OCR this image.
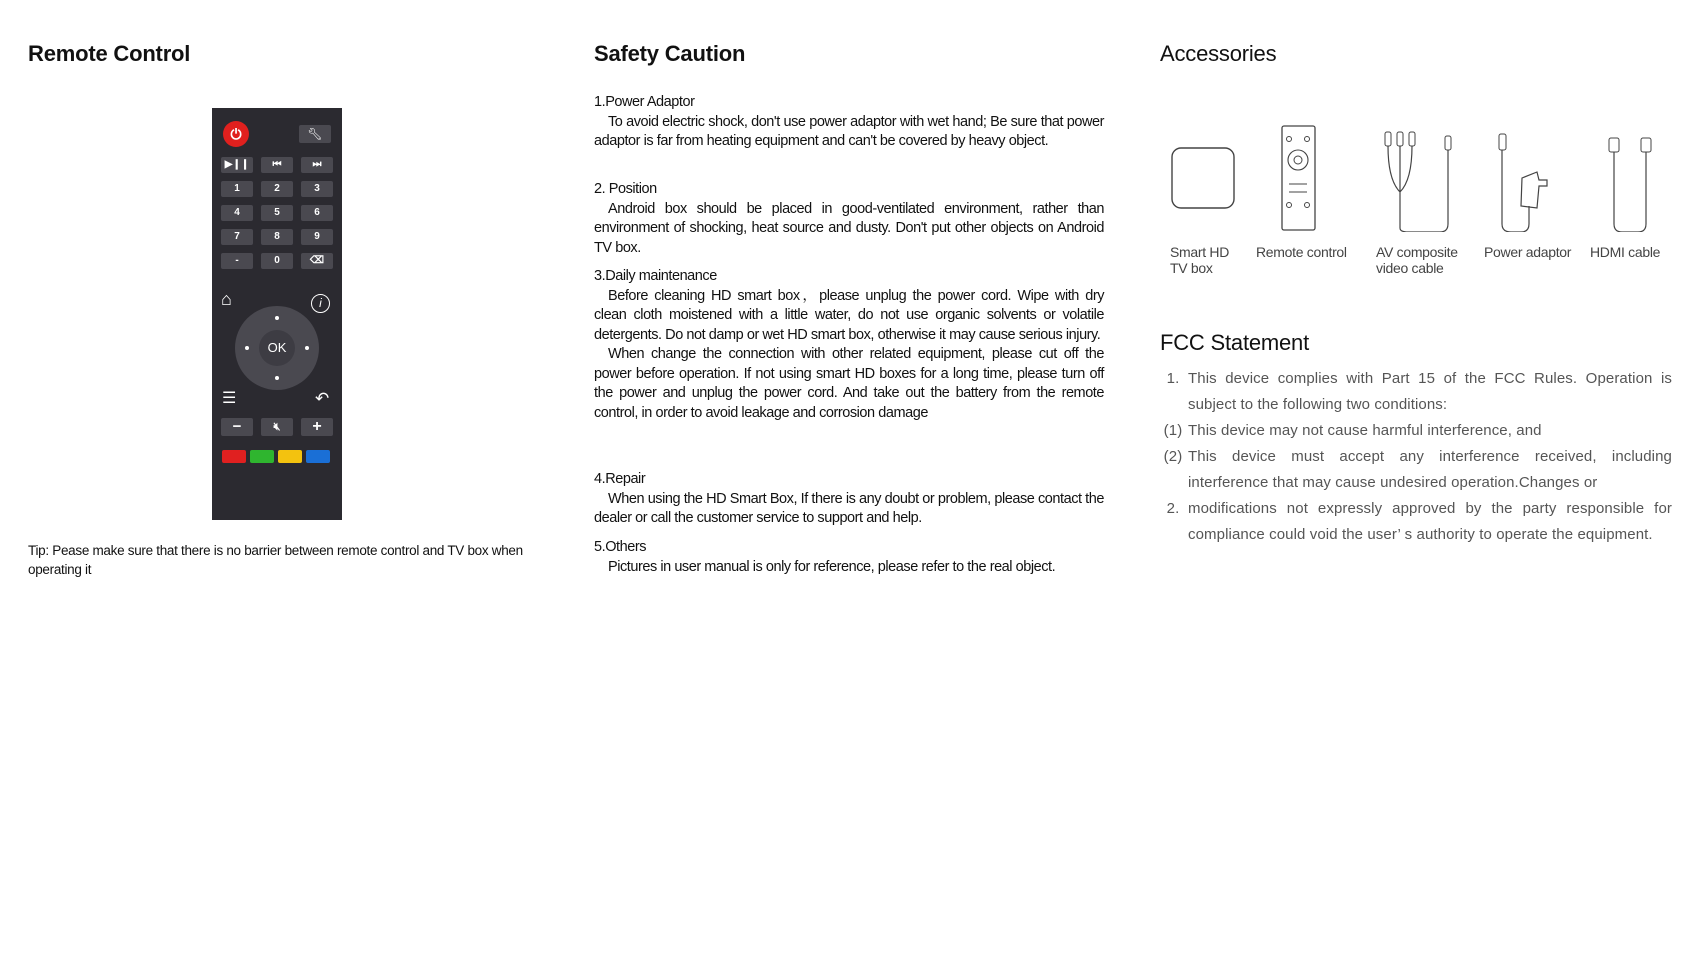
Remote Control
⏻	🔧︎
▶❙❙	⏮	⏭
1	2	3
4	5	6
7	8	9
-	0	⌫
⌂	i
OK
☰	↶
−	🔇︎	+
Tip: Pease make sure that there is no barrier between remote control and TV box when operating it
Safety Caution
1.Power Adaptor
To avoid electric shock, don't use power adaptor with wet hand; Be sure that power adaptor is far from heating equipment and can't be covered by heavy object.
2. Position
Android box should be placed in good-ventilated environment, rather than environment of shocking, heat source and dusty. Don't put other objects on Android TV box.
3.Daily maintenance
Before cleaning HD smart box，please unplug the power cord. Wipe with dry clean cloth moistened with a little water, do not use organic solvents or volatile detergents. Do not damp or wet HD smart box, otherwise it may cause serious injury.
When change the connection with other related equipment, please cut off the power before operation. If not using smart HD boxes for a long time, please turn off the power and unplug the power cord. And take out the battery from the remote control, in order to avoid leakage and corrosion damage
4.Repair
When using the HD Smart Box, If there is any doubt or problem, please contact the dealer or call the customer service to support and help.
5.Others
Pictures in user manual is only for reference, please refer to the real object.
Accessories
Smart HD
TV box
Remote control AV composite
video cable
Power adaptor HDMI cable
FCC Statement
1. This device complies with Part 15 of the FCC Rules. Operation is subject to the following two conditions:
(1) This device may not cause harmful interference, and
(2) This device must accept any interference received, including interference that may cause undesired operation.Changes or
2. modifications not expressly approved by the party responsible for compliance could void the user’ s authority to operate the equipment.
